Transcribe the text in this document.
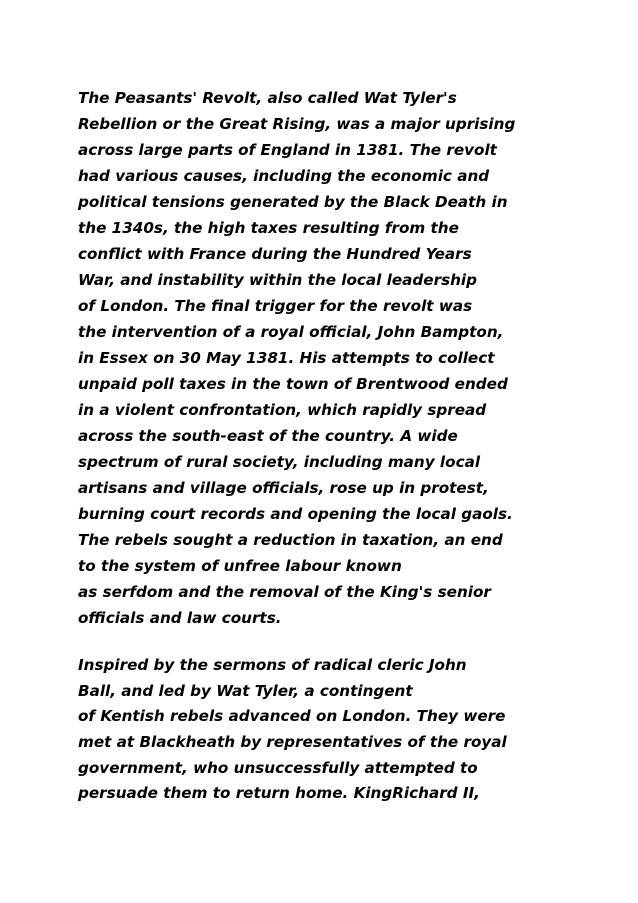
The Peasants' Revolt, also called Wat Tyler's
Rebellion or the Great Rising, was a major uprising
across large parts of England in 1381. The revolt
had various causes, including the economic and
political tensions generated by the Black Death in
the 1340s, the high taxes resulting from the
conflict with France during the Hundred Years
War, and instability within the local leadership
of London. The final trigger for the revolt was
the intervention of a royal official, John Bampton,
in Essex on 30 May 1381. His attempts to collect
unpaid poll taxes in the town of Brentwood ended
in a violent confrontation, which rapidly spread
across the south-east of the country. A wide
spectrum of rural society, including many local
artisans and village officials, rose up in protest,
burning court records and opening the local gaols.
The rebels sought a reduction in taxation, an end
to the system of unfree labour known
as serfdom and the removal of the King's senior
officials and law courts.
Inspired by the sermons of radical cleric John
Ball, and led by Wat Tyler, a contingent
of Kentish rebels advanced on London. They were
met at Blackheath by representatives of the royal
government, who unsuccessfully attempted to
persuade them to return home. KingRichard II,
